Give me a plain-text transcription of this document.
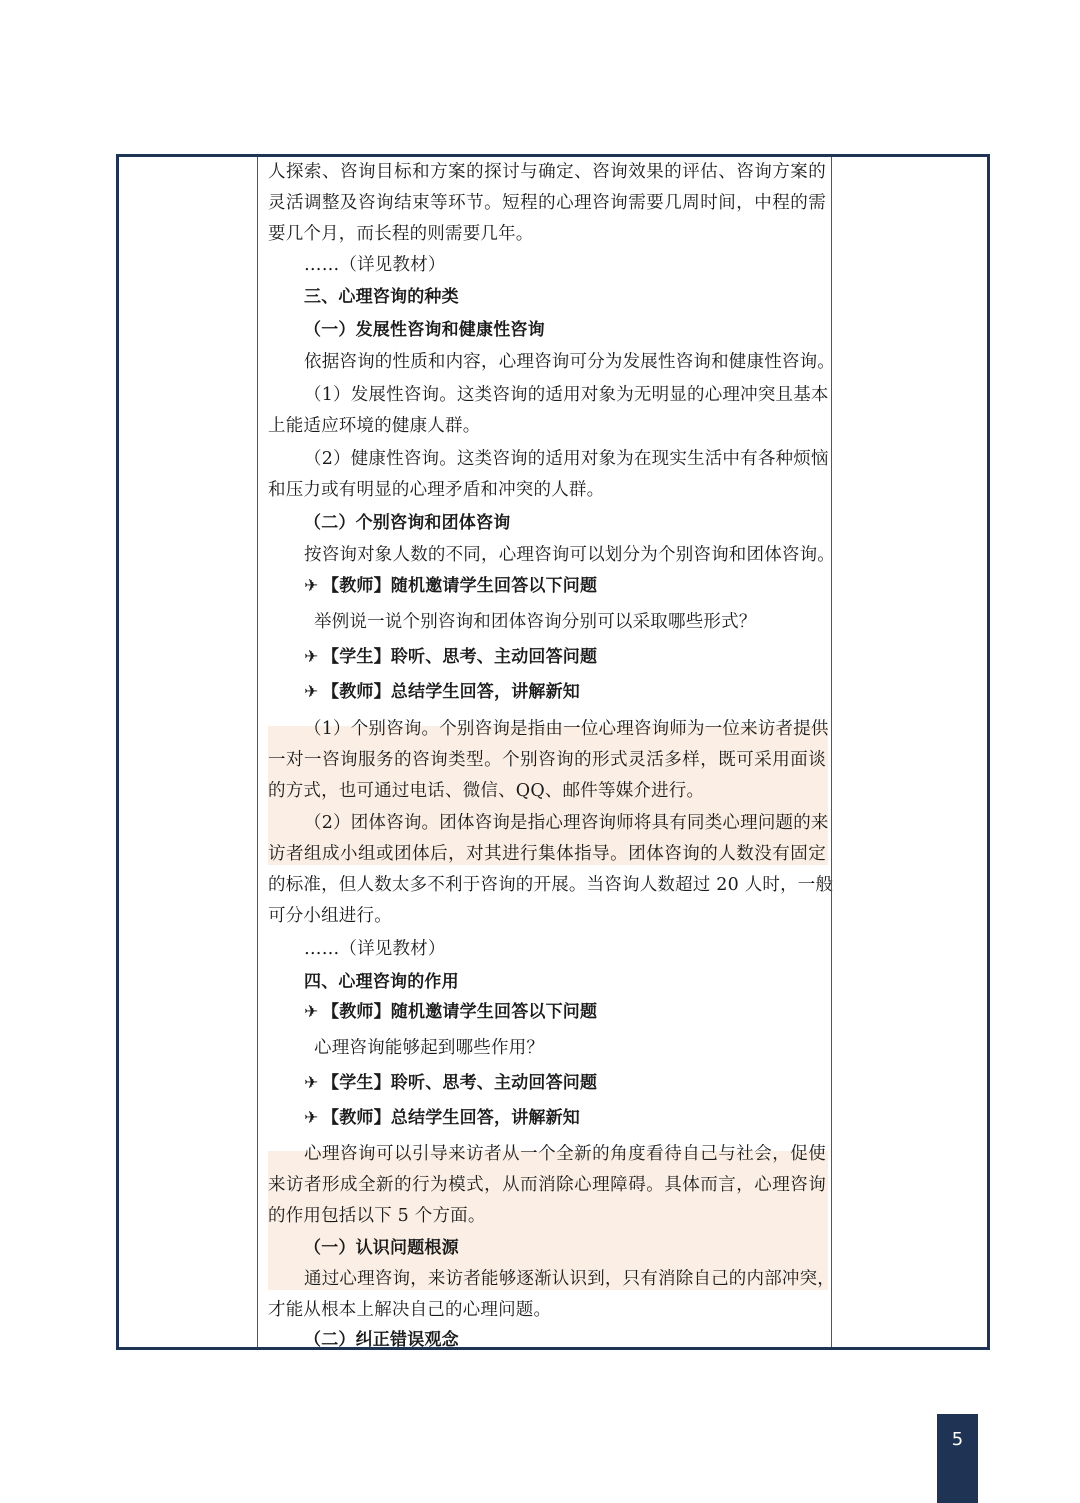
人探索、咨询目标和方案的探讨与确定、咨询效果的评估、咨询方案的
灵活调整及咨询结束等环节。短程的心理咨询需要几周时间，中程的需
要几个月，而长程的则需要几年。
……（详见教材）
三、心理咨询的种类
（一）发展性咨询和健康性咨询
依据咨询的性质和内容，心理咨询可分为发展性咨询和健康性咨询。
（1）发展性咨询。这类咨询的适用对象为无明显的心理冲突且基本
上能适应环境的健康人群。
（2）健康性咨询。这类咨询的适用对象为在现实生活中有各种烦恼
和压力或有明显的心理矛盾和冲突的人群。
（二）个别咨询和团体咨询
按咨询对象人数的不同，心理咨询可以划分为个别咨询和团体咨询。
✈ 【教师】随机邀请学生回答以下问题
举例说一说个别咨询和团体咨询分别可以采取哪些形式？
✈ 【学生】聆听、思考、主动回答问题
✈ 【教师】总结学生回答，讲解新知
（1）个别咨询。个别咨询是指由一位心理咨询师为一位来访者提供
一对一咨询服务的咨询类型。个别咨询的形式灵活多样，既可采用面谈
的方式，也可通过电话、微信、QQ、邮件等媒介进行。
（2）团体咨询。团体咨询是指心理咨询师将具有同类心理问题的来
访者组成小组或团体后，对其进行集体指导。团体咨询的人数没有固定
的标准，但人数太多不利于咨询的开展。当咨询人数超过 20 人时，一般
可分小组进行。
……（详见教材）
四、心理咨询的作用
✈ 【教师】随机邀请学生回答以下问题
心理咨询能够起到哪些作用？
✈ 【学生】聆听、思考、主动回答问题
✈ 【教师】总结学生回答，讲解新知
心理咨询可以引导来访者从一个全新的角度看待自己与社会，促使
来访者形成全新的行为模式，从而消除心理障碍。具体而言，心理咨询
的作用包括以下 5 个方面。
（一）认识问题根源
通过心理咨询，来访者能够逐渐认识到，只有消除自己的内部冲突，
才能从根本上解决自己的心理问题。
（二）纠正错误观念
5
